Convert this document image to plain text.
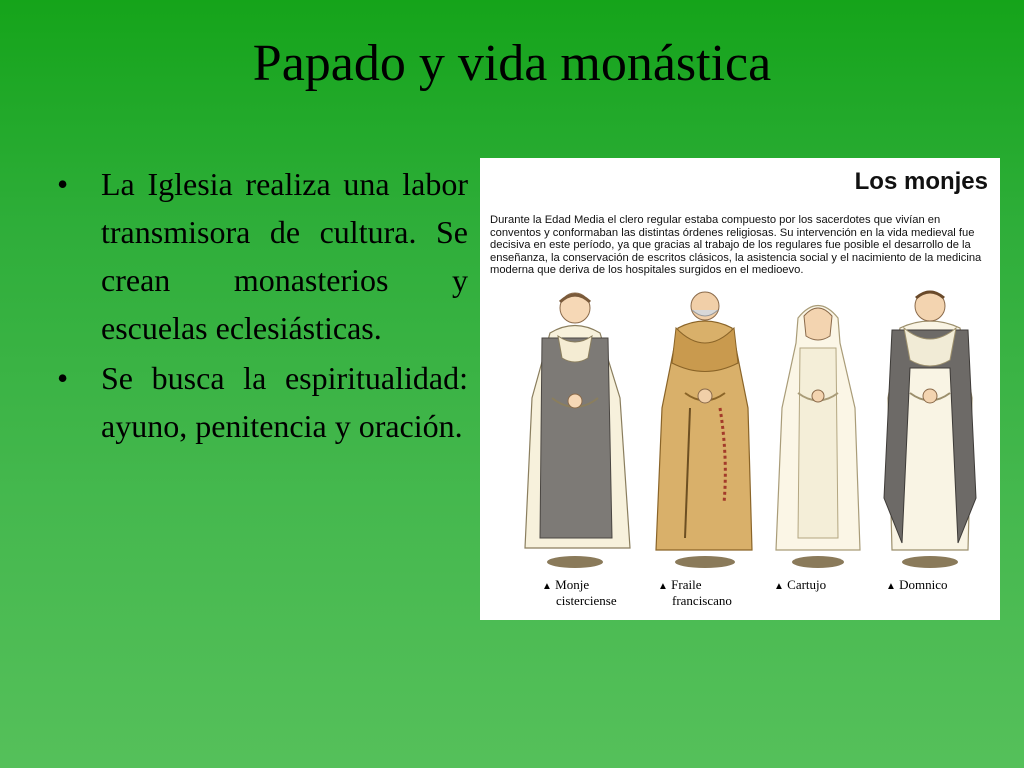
Papado y vida monástica
• La Iglesia realiza una labor transmisora de cultura. Se crean monasterios y escuelas eclesiásticas.
• Se busca la espiritualidad: ayuno, penitencia y oración.
Los monjes

Durante la Edad Media el clero regular estaba compuesto por los sacerdotes que vivían en conventos y conformaban las distintas órdenes religiosas. Su intervención en la vida medieval fue decisiva en este período, ya que gracias al trabajo de los regulares fue posible el desarrollo de la enseñanza, la conservación de escritos clásicos, la asistencia social y el nacimiento de la medicina moderna que deriva de los hospitales surgidos en el medioevo.

▲ Monje
cisterciense
▲ Fraile
franciscano
▲ Cartujo	▲ Domnico
